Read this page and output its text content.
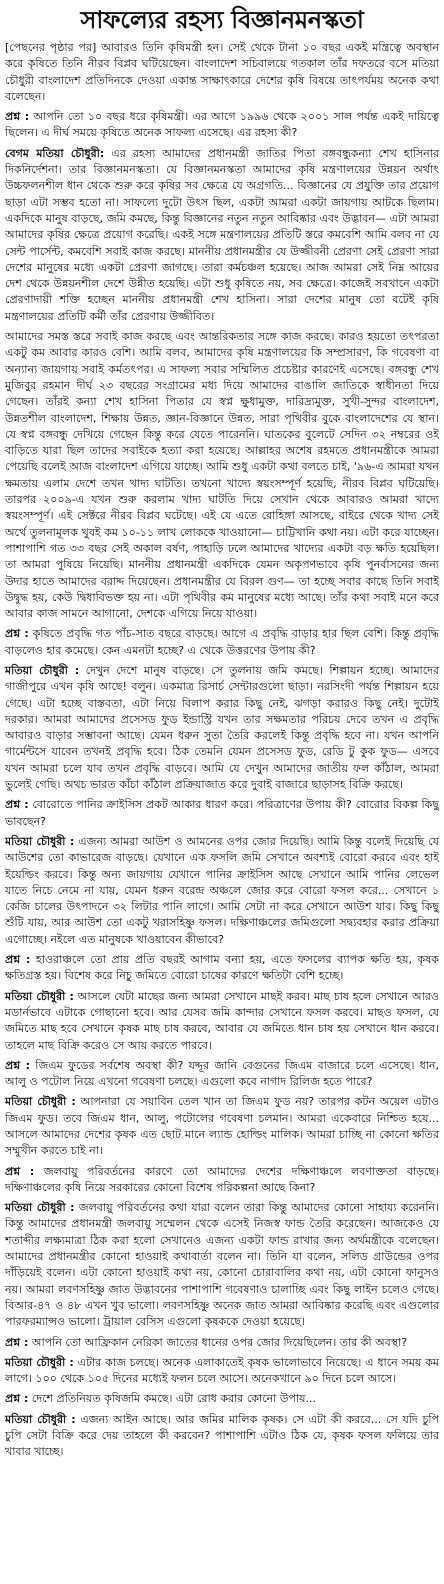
সাফল্যের রহস্য বিজ্ঞানমনস্কতা

[পেছনের পৃষ্ঠার পর] আবারও তিনি কৃষিমন্ত্রী হন। সেই থেকে টানা ১০ বছর একই মন্ত্রিত্বে অবস্থান করে কৃষিতে তিনি নীরব বিপ্লব ঘটিয়েছেন। বাংলাদেশ সচিবালয়ে গতকাল তাঁর দফতরে বসে মতিয়া চৌধুরী বাংলাদেশ প্রতিদিনকে দেওয়া একান্ত সাক্ষাৎকারে দেশের কৃষি বিষয়ে তাৎপর্যময় অনেক কথা বলেছেন।

প্রশ্ন : আপনি তো ১০ বছর ধরে কৃষিমন্ত্রী। এর আগে ১৯৯৬ থেকে ২০০১ সাল পর্যন্ত একই দায়িত্বে ছিলেন। এ দীর্ঘ সময়ে কৃষিতে অনেক সাফল্য এসেছে। এর রহস্য কী?

বেগম মতিয়া চৌধুরী: এর রহস্য আমাদের প্রধানমন্ত্রী জাতির পিতা বঙ্গবন্ধুকন্যা শেখ হাসিনার দিকনির্দেশনা। তার বিজ্ঞানমনস্কতা। যে বিজ্ঞানমনস্কতা আমাদের কৃষি মন্ত্রণালয়ের উন্নয়ন অর্থাৎ উচ্চফলনশীল ধান থেকে শুরু করে কৃষির সব ক্ষেত্রে যে অগ্রগতি... বিজ্ঞানের যে প্রযুক্তি তার প্রয়োগ ছাড়া এটা সম্ভব হতো না। সাফল্যে দুটো উৎস ছিল, একটা আমরা একটা জায়গায় আটকে ছিলাম। একদিকে মানুষ বাড়ছে, জমি কমছে, কিন্তু বিজ্ঞানের নতুন নতুন আবিষ্কার এবং উদ্ভাবন— এটা আমরা আমাদের কৃষির ক্ষেত্রে প্রয়োগ করেছি। একই সঙ্গে মন্ত্রণালয়ের প্রতিটি স্তরে কমবেশি আমি বলব না যে সেন্ট পার্সেন্ট, কমবেশি সবাই কাজ করছে। মাননীয় প্রধানমন্ত্রীর যে উজ্জীবনী প্রেরণা সেই প্রেরণা সারা দেশের মানুষের মধ্যে একটা প্রেরণা জাগছে। তারা কর্মচঞ্চল হয়েছে। আজ আমরা সেই নিম্ন আয়ের দেশ থেকে উন্নয়নশীল দেশে উন্নীত হয়েছি। এটা শুধু কৃষিতে নয়, সব ক্ষেত্রে। কাজেই সবখানে একটা প্রেরণাদায়ী শক্তি হচ্ছেন মাননীয় প্রধানমন্ত্রী শেখ হাসিনা। সারা দেশের মানুষ তো বটেই কৃষি মন্ত্রণালয়ের প্রতিটি কর্মী তাঁর প্রেরণায় উজ্জীবিত।

আমাদের সমস্ত স্তরে সবাই কাজ করছে এবং আন্তরিকতার সঙ্গে কাজ করছে। কারও হয়তো তৎপরতা একটু কম আবার কারও বেশি। আমি বলব, আমাদের কৃষি মন্ত্রণালয়ের কি সম্প্রসারণ, কি গবেষণা বা অন্যান্য জায়গায় সবাই কর্মতৎপর। এ সাফল্য সবার সম্মিলিত প্রচেষ্টার কারণেই এসেছে। বঙ্গবন্ধু শেখ মুজিবুর রহমান দীর্ঘ ২৩ বছরের সংগ্রামের মধ্য দিয়ে আমাদের বাঙালি জাতিকে স্বাধীনতা দিয়ে গেছেন। তাঁরই কন্যা শেখ হাসিনা পিতার যে স্বপ্ন ক্ষুধামুক্ত, দারিদ্র্যমুক্ত, সুখী-সুন্দর বাংলাদেশ, উন্নতশীল বাংলাদেশ, শিক্ষায় উন্নত, জ্ঞান-বিজ্ঞানে উন্নত, সারা পৃথিবীর বুকে বাংলাদেশের যে স্থান। যে স্বপ্ন বঙ্গবন্ধু দেখিয়ে গেছেন কিন্তু করে যেতে পারেননি। ঘাতকের বুলেটে সেদিন ৩২ নম্বরের ওই বাড়িতে যারা ছিল তাদের সবাইকে হত্যা করা হয়েছে। আল্লাহর অশেষ রহমতে প্রধানমন্ত্রীকে আমরা পেয়েছি বলেই আজ বাংলাদেশ এগিয়ে যাচ্ছে। আমি শুধু একটা কথা বলতে চাই, '৯৬-এ আমরা যখন ক্ষমতায় এলাম দেশে তখন খাদ্য ঘাটতি। তখনো খাদ্যে স্বয়ংসম্পূর্ণ হয়েছি, নীরব বিপ্লব ঘটিয়েছি। তারপর ২০০৯-এ যখন শুরু করলাম খাদ্য ঘাটতি দিয়ে সেখান থেকে আবারও আমরা খাদ্যে স্বয়ংসম্পূর্ণ। এই সেক্টরে নীরব বিপ্লব ঘটেছে। এই যে এতে রোহিঙ্গা আসছে, বাইরে থেকে খাদ্য সেই অর্থে তুলনামূলক খুবই কম ১০-১১ লাখ লোককে খাওয়ানো— চাট্টিখানি কথা নয়। এটা করে যাচ্ছেন। পাশাপাশি গত ৩৩ বছর সেই অকাল বর্ষণ, পাহাড়ি ঢলে আমাদের খাদ্যের একটা বড় ক্ষতি হয়েছিল। তা আমরা পুষিয়ে নিয়েছি। মাননীয় প্রধানমন্ত্রী একদিকে যেমন অকৃপণভাবে কৃষি পুনর্বাসনের জন্য উদার হাতে আমাদের বরাদ্দ দিয়েছেন। প্রধানমন্ত্রীর যে বিরল গুণ— তা হচ্ছে সবার কাছে তিনি সবাই উদ্বুদ্ধ হয়, কেউ দ্বিধাবিভক্ত হয় না। এটা পৃথিবীর কম মানুষের মধ্যে আছে। তাঁর কথা সবাই মনে করে আবার কাজ সামনে আগানো, দেশকে এগিয়ে নিয়ে যাওয়া।

প্রশ্ন : কৃষিতে প্রবৃদ্ধি গত পাঁচ-সাত বছরে বাড়ছে। আগে এ প্রবৃদ্ধি বাড়ার হার ছিল বেশি। কিন্তু প্রবৃদ্ধি বাড়লেও হার কমেছে। কেন এমনটা হচ্ছে? এ থেকে উত্তরণের উপায় কী?

মতিয়া চৌধুরী : দেখুন দেশে মানুষ বাড়ছে। সে তুলনায় জমি কমছে। শিল্পায়ন হচ্ছে। আমাদের গাজীপুরে এখন কৃষি আছে! বলুন। একমাত্র রিসার্চ সেন্টারগুলো ছাড়া। নরসিংদী পর্যন্ত শিল্পায়ন হয়ে গেছে। এটা হচ্ছে বাস্তবতা, এটা নিয়ে বিলাপ করার কিছু নেই, ঝগড়া করারও কিছু নেই। দুটোই দরকার। আমরা আমাদের প্রসেসড ফুড ইন্ডাস্ট্রি যখন তার সক্ষমতার পরিচয় দেবে তখন এ প্রবৃদ্ধি আবারও বাড়ার সম্ভাবনা আছে। যেমন ধরুন সুতা তৈরি করলেই কিন্তু প্রবৃদ্ধি হবে না। যখন আপনি গার্মেন্টসে যাবেন তখনই প্রবৃদ্ধি হবে। ঠিক তেমনি যেমন প্রসেসড ফুড, রেডি টু কুক ফুড— এসবে যখন আমরা চলে যাব তখন প্রবৃদ্ধি বাড়বে। আমি যে দেখুন আমাদের জাতীয় ফল কাঁঠাল, আমরা ভুলেই গেছি। অথচ ভারত কাঁচা কাঁঠাল প্রক্রিয়াজাত করে দুবাই বাজারে ছাড়াসহ বিক্রি করছে।

প্রশ্ন : বোরোতে পানির ক্রাইসিস প্রকট আকার ধারণ করে। পরিত্রাণের উপায় কী? বোরোর বিকল্প কিছু ভাবছেন?

মতিয়া চৌধুরী : এজন্য আমরা আউশ ও আমনের ওপর জোর দিয়েছি। আমি কিন্তু বলেই দিয়েছি যে আউশের তো কাভারেজ বাড়ছে। যেখানে এক ফসলি জমি সেখানে অবশ্যই বোরো করবে এবং হাই ইয়েল্ডিং করবে। কিন্তু অন্য জায়গায় যেখানে পানির ক্রাইসিস আছে সেখানে আমি পানির লেভেল যাতে নিচে নেমে না যায়, যেমন ধরুন বরেন্দ্র অঞ্চলে জোর করে বোরো ফসল করে... সেখানে ১ কেজি চালের উৎপাদনে ৩২ লিটার পানি লাগে। আমি সেটা না করে সেখানে আউশ যাব। কিছু কিছু শুঁটি যায়, আর আউশ তো একটু খরাসহিষ্ণু ফসল। দক্ষিণাঞ্চলের জমিগুলো সদ্ব্যবহার করার প্রক্রিয়া এগোচ্ছে। নইলে এত মানুষকে খাওয়াবেন কীভাবে?

প্রশ্ন : হাওরাঞ্চলে তো প্রায় প্রতি বছরই আগাম বন্যা হয়, এতে ফসলের ব্যাপক ক্ষতি হয়, কৃষক ক্ষতিগ্রস্ত হয়। বিশেষ করে নিচু জমিতে বোরো চাষের কারণে ক্ষতিটা বেশি হচ্ছে।

মতিয়া চৌধুরী : আসলে যেটা মাছের জন্য আমরা সেখানে মাছই করব। মাছ চাষ হলে সেখানে আরও মডার্নভাবে এটাকে গোছানো হবে। আর যেসব জমি কান্দার সেখানে ফসল করবে। মাছও ফসল, যে জমিতে মাছ হবে সেখানে কৃষক মাছ চাষ করবে, আবার যে জমিতে ধান চাষ হয় সেখানে ধান করবে। তাহলে মাছ বিক্রি করেও সে আয় করতে পারবে।

প্রশ্ন : জিএম ফুডের সর্বশেষ অবস্থা কী? যদ্দূর জানি বেগুনের জিএম বাজারে চলে এসেছে। ধান, আলু ও পটোল নিয়ে এখনো গবেষণা চলছে। এগুলো কবে নাগাদ রিলিজ হতে পারে?

মতিয়া চৌধুরী : আপনারা যে সয়াবিন তেল খান তা জিএম ফুড নয়? তারপর কটন অয়েল এটাও জিএম ফুড। তবে জিএম ধান, আলু, পটোলের গবেষণা চলমান। আমরা একেবারে নিশ্চিত হয়ে... আসলে আমাদের দেশের কৃষক এত ছোট মানে ল্যান্ড হোল্ডিং মালিক। আমরা চাচ্ছি না কোনো ক্ষতির সম্মুখীন করতে চাই না।

প্রশ্ন : জলবায়ু পরিবর্তনের কারণে তো আমাদের দেশের দক্ষিণাঞ্চলে লবণাক্ততা বাড়ছে। দক্ষিণাঞ্চলের কৃষি নিয়ে সরকারের কোনো বিশেষ পরিকল্পনা আছে কিনা?

মতিয়া চৌধুরী : জলবায়ু পরিবর্তনের কথা যারা বলেন তারা কিন্তু আমাদের কোনো সাহায্য করেননি। কিন্তু আমাদের প্রধানমন্ত্রী জলবায়ু সম্মেলন থেকে এসেই নিজস্ব ফান্ড তৈরি করেছেন। আজকেও যে শতাব্দীর লক্ষ্যমাত্রা ঠিক করা হলো সেখানেও এজন্য একটা ফান্ড রাখার জন্য অর্থমন্ত্রীকে বলেছেন। আমাদের প্রধানমন্ত্রীর কোনো হাওয়াই কথাবার্তা বলেন না। তিনি যা বলেন, সলিড গ্রাউন্ডের ওপর দাঁড়িয়েই বলেন। এটা কোনো হাওয়াই কথা নয়, কোনো চোরাবালির কথা নয়, এটা কোনো ফানুসও নয়। আমরা লবণসহিষ্ণু জাত উদ্ভাবনের পাশাপাশি গবেষণাও চালাচ্ছি এবং কিছু লাইন চলেও গেছে। বিআর-৪৭ ও ৪৮ এখন খুব ভালো। লবণসহিষ্ণু অনেক জাত আমরা আবিষ্কার করেছি এবং এগুলোর পারফরম্যান্সও ভালো। ট্রায়াল বেসিস এগুলো কৃষককে দেওয়া হয়েছে।

প্রশ্ন : আপনি তো আফ্রিকান নেরিকা জাতের ধানের ওপর জোর দিয়েছিলেন। তার কী অবস্থা?

মতিয়া চৌধুরী : এটার কাজ চলছে। অনেক এলাকাতেই কৃষক ভালোভাবে নিয়েছে। এ ধানে সময় কম লাগে। ১০০ থেকে ১০৫ দিনের মধ্যেই ফলন চলে আসে। অনেকখানে ৯০ দিনে চলে আসে।

প্রশ্ন : দেশে প্রতিনিয়ত কৃষিজমি কমছে। এটা রোধ করার কোনো উপায়...

মতিয়া চৌধুরী : এজন্য আইন আছে। আর জমির মালিক কৃষক। সে এটা কী করবে... সে যদি চুপি চুপি সেটা বিক্রি করে দেয় তাহলে কী করবেন? পাশাপাশি এটাও ঠিক যে, কৃষক ফসল ফলিয়ে তার খাবার খাচ্ছে।
